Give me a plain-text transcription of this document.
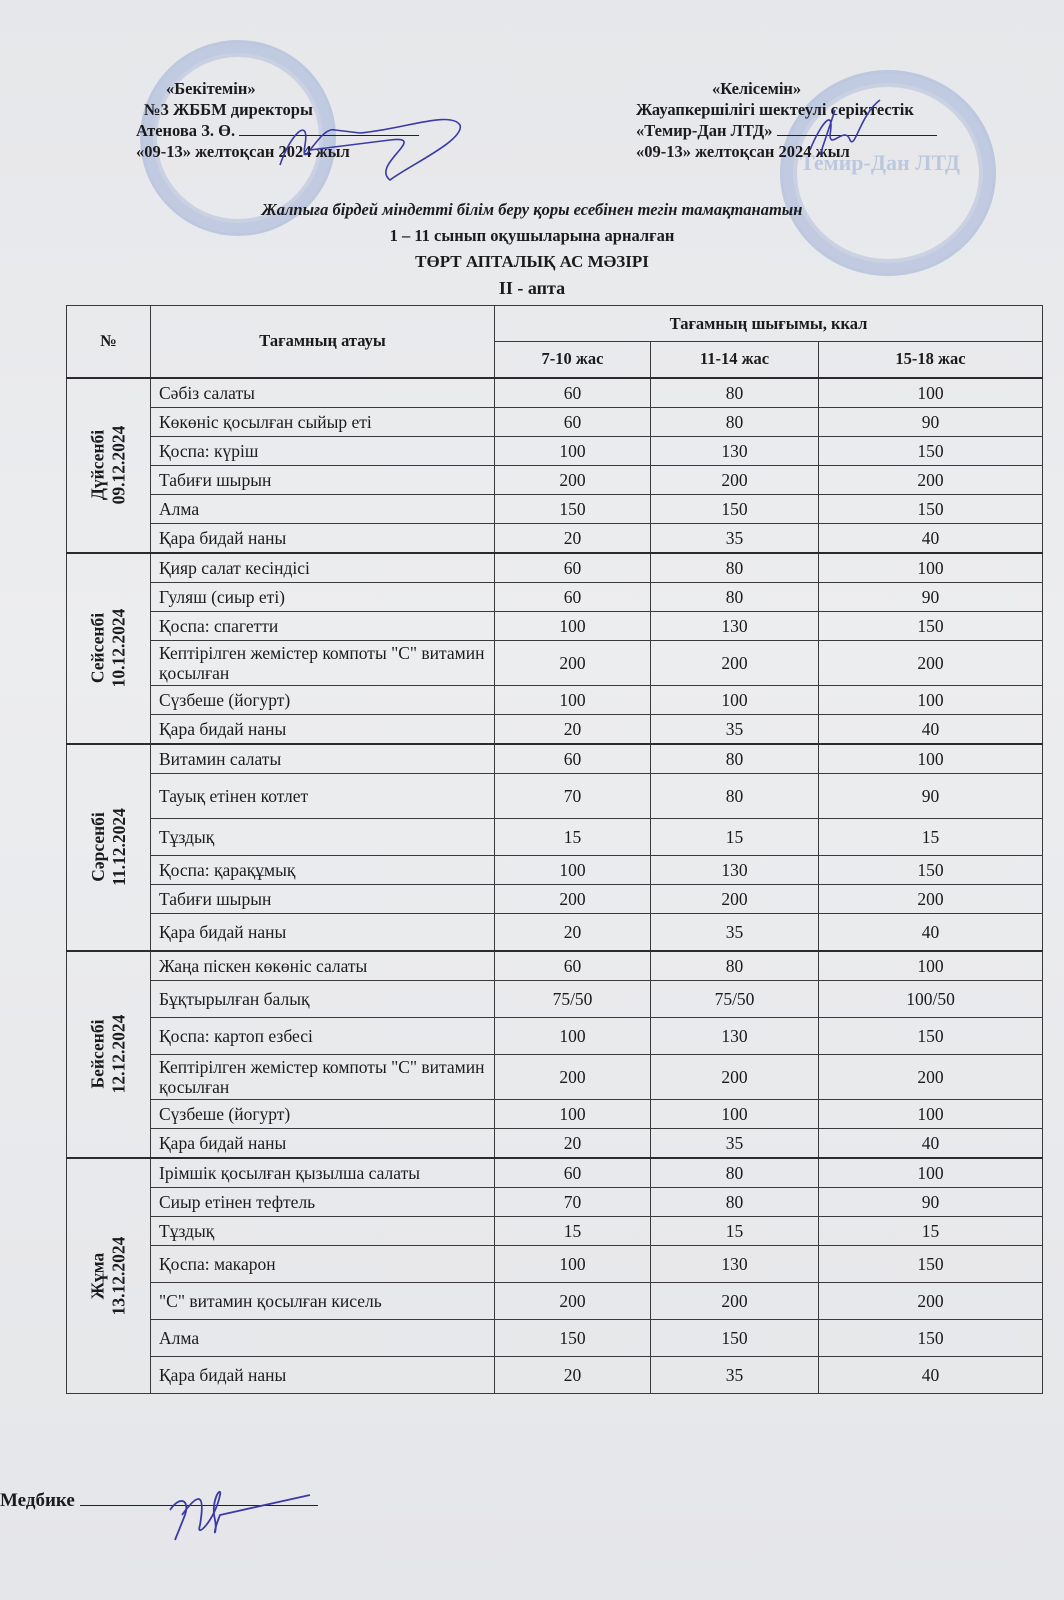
Темир-Дан ЛТД
«Бекітемін»
№3 ЖББМ директоры
Атенова З. Ө.
«09-13» желтоқсан 2024 жыл
«Келісемін»
Жауапкершілігі шектеулі серіктестік
«Темир-Дан ЛТД»
«09-13» желтоқсан 2024 жыл
Жалпыға бірдей міндетті білім беру қоры есебінен тегін тамақтанатын
1 – 11 сынып оқушыларына арналған
ТӨРТ АПТАЛЫҚ АС МӘЗІРІ
II - апта
№	Тағамның атауы	Тағамның шығымы, ккал		
		7-10 жас	11-14 жас	15-18 жас
Дүйсенбі
09.12.2024	Сәбіз салаты	60	80	100
	Көкөніс қосылған сыйыр еті	60	80	90
	Қоспа: күріш	100	130	150
	Табиғи шырын	200	200	200
	Алма	150	150	150
	Қара бидай наны	20	35	40
Сейсенбі
10.12.2024	Қияр салат кесіндісі	60	80	100
	Гуляш (сиыр еті)	60	80	90
	Қоспа: спагетти	100	130	150
	Кептірілген жемістер компоты "С" витамин қосылған	200	200	200
	Сүзбеше (йогурт)	100	100	100
	Қара бидай наны	20	35	40
Сәрсенбі
11.12.2024	Витамин салаты	60	80	100
	Тауық етінен котлет	70	80	90
	Тұздық	15	15	15
	Қоспа: қарақұмық	100	130	150
	Табиғи шырын	200	200	200
	Қара бидай наны	20	35	40
Бейсенбі
12.12.2024	Жаңа піскен көкөніс салаты	60	80	100
	Бұқтырылған балық	75/50	75/50	100/50
	Қоспа: картоп езбесі	100	130	150
	Кептірілген жемістер компоты "С" витамин қосылған	200	200	200
	Сүзбеше (йогурт)	100	100	100
	Қара бидай наны	20	35	40
Жұма
13.12.2024	Ірімшік қосылған қызылша салаты	60	80	100
	Сиыр етінен тефтель	70	80	90
	Тұздық	15	15	15
	Қоспа: макарон	100	130	150
	"С" витамин қосылған кисель	200	200	200
	Алма	150	150	150
	Қара бидай наны	20	35	40
Медбике
